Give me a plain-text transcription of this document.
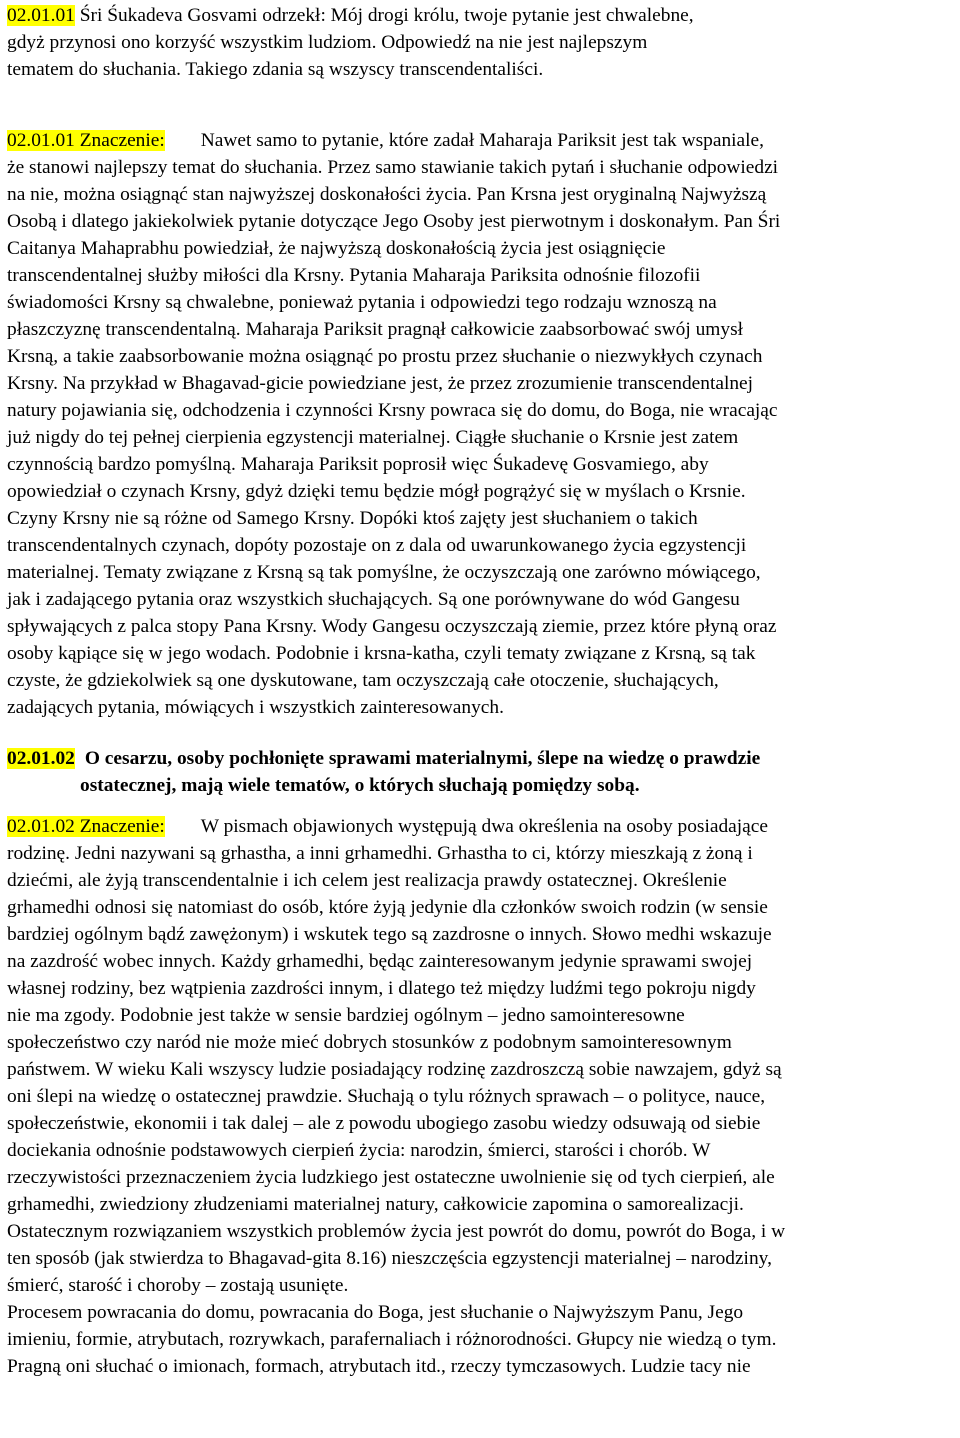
02.01.01 Śri Śukadeva Gosvami odrzekł: Mój drogi królu, twoje pytanie jest chwalebne,
gdyż przynosi ono korzyść wszystkim ludziom. Odpowiedź na nie jest najlepszym
tematem do słuchania. Takiego zdania są wszyscy transcendentaliści.
02.01.01 Znaczenie: Nawet samo to pytanie, które zadał Maharaja Pariksit jest tak wspaniale,
że stanowi najlepszy temat do słuchania. Przez samo stawianie takich pytań i słuchanie odpowiedzi
na nie, można osiągnąć stan najwyższej doskonałości życia. Pan Krsna jest oryginalną Najwyższą
Osobą i dlatego jakiekolwiek pytanie dotyczące Jego Osoby jest pierwotnym i doskonałym. Pan Śri
Caitanya Mahaprabhu powiedział, że najwyższą doskonałością życia jest osiągnięcie
transcendentalnej służby miłości dla Krsny. Pytania Maharaja Pariksita odnośnie filozofii
świadomości Krsny są chwalebne, ponieważ pytania i odpowiedzi tego rodzaju wznoszą na
płaszczyznę transcendentalną. Maharaja Pariksit pragnął całkowicie zaabsorbować swój umysł
Krsną, a takie zaabsorbowanie można osiągnąć po prostu przez słuchanie o niezwykłych czynach
Krsny. Na przykład w Bhagavad-gicie powiedziane jest, że przez zrozumienie transcendentalnej
natury pojawiania się, odchodzenia i czynności Krsny powraca się do domu, do Boga, nie wracając
już nigdy do tej pełnej cierpienia egzystencji materialnej. Ciągłe słuchanie o Krsnie jest zatem
czynnością bardzo pomyślną. Maharaja Pariksit poprosił więc Śukadevę Gosvamiego, aby
opowiedział o czynach Krsny, gdyż dzięki temu będzie mógł pogrążyć się w myślach o Krsnie.
Czyny Krsny nie są różne od Samego Krsny. Dopóki ktoś zajęty jest słuchaniem o takich
transcendentalnych czynach, dopóty pozostaje on z dala od uwarunkowanego życia egzystencji
materialnej. Tematy związane z Krsną są tak pomyślne, że oczyszczają one zarówno mówiącego,
jak i zadającego pytania oraz wszystkich słuchających. Są one porównywane do wód Gangesu
spływających z palca stopy Pana Krsny. Wody Gangesu oczyszczają ziemie, przez które płyną oraz
osoby kąpiące się w jego wodach. Podobnie i krsna-katha, czyli tematy związane z Krsną, są tak
czyste, że gdziekolwiek są one dyskutowane, tam oczyszczają całe otoczenie, słuchających,
zadających pytania, mówiących i wszystkich zainteresowanych.
02.01.02 O cesarzu, osoby pochłonięte sprawami materialnymi, ślepe na wiedzę o prawdzie
ostatecznej, mają wiele tematów, o których słuchają pomiędzy sobą.
02.01.02 Znaczenie: W pismach objawionych występują dwa określenia na osoby posiadające
rodzinę. Jedni nazywani są grhastha, a inni grhamedhi. Grhastha to ci, którzy mieszkają z żoną i
dziećmi, ale żyją transcendentalnie i ich celem jest realizacja prawdy ostatecznej. Określenie
grhamedhi odnosi się natomiast do osób, które żyją jedynie dla członków swoich rodzin (w sensie
bardziej ogólnym bądź zawężonym) i wskutek tego są zazdrosne o innych. Słowo medhi wskazuje
na zazdrość wobec innych. Każdy grhamedhi, będąc zainteresowanym jedynie sprawami swojej
własnej rodziny, bez wątpienia zazdrości innym, i dlatego też między ludźmi tego pokroju nigdy
nie ma zgody. Podobnie jest także w sensie bardziej ogólnym – jedno samointeresowne
społeczeństwo czy naród nie może mieć dobrych stosunków z podobnym samointeresownym
państwem. W wieku Kali wszyscy ludzie posiadający rodzinę zazdroszczą sobie nawzajem, gdyż są
oni ślepi na wiedzę o ostatecznej prawdzie. Słuchają o tylu różnych sprawach – o polityce, nauce,
społeczeństwie, ekonomii i tak dalej – ale z powodu ubogiego zasobu wiedzy odsuwają od siebie
dociekania odnośnie podstawowych cierpień życia: narodzin, śmierci, starości i chorób. W
rzeczywistości przeznaczeniem życia ludzkiego jest ostateczne uwolnienie się od tych cierpień, ale
grhamedhi, zwiedziony złudzeniami materialnej natury, całkowicie zapomina o samorealizacji.
Ostatecznym rozwiązaniem wszystkich problemów życia jest powrót do domu, powrót do Boga, i w
ten sposób (jak stwierdza to Bhagavad-gita 8.16) nieszczęścia egzystencji materialnej – narodziny,
śmierć, starość i choroby – zostają usunięte.
Procesem powracania do domu, powracania do Boga, jest słuchanie o Najwyższym Panu, Jego
imieniu, formie, atrybutach, rozrywkach, parafernaliach i różnorodności. Głupcy nie wiedzą o tym.
Pragną oni słuchać o imionach, formach, atrybutach itd., rzeczy tymczasowych. Ludzie tacy nie
